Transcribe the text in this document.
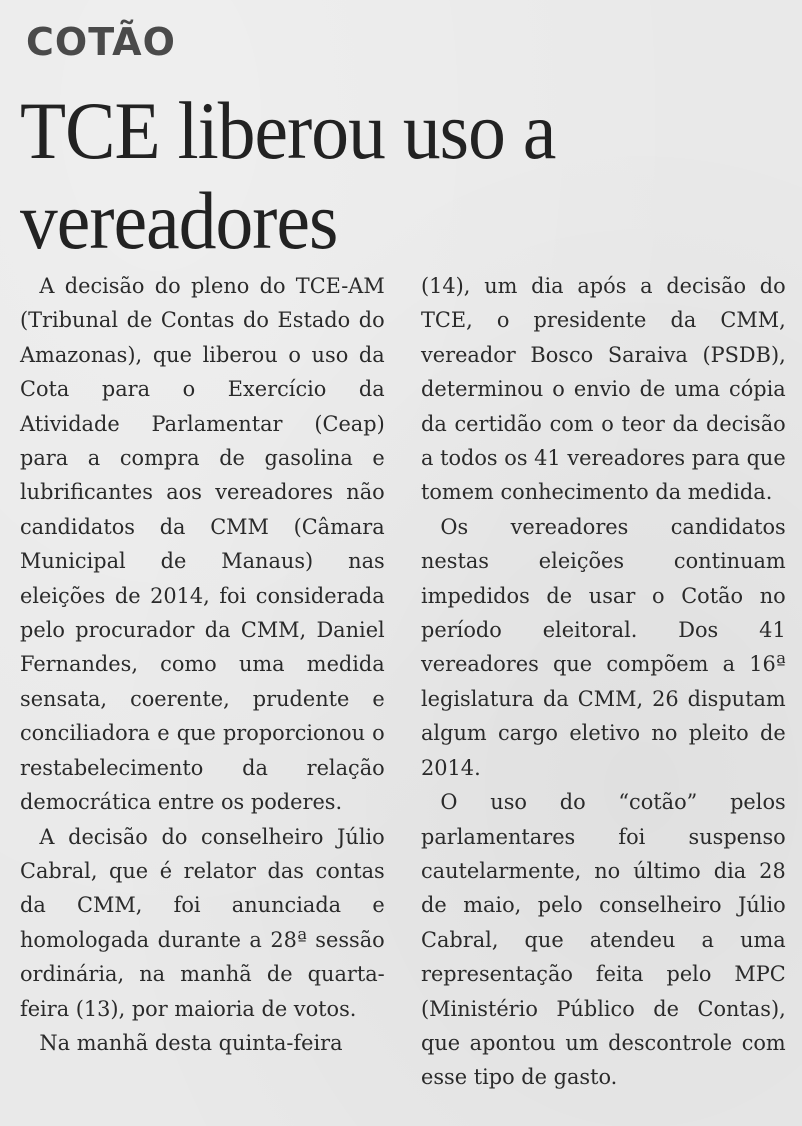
COTÃO
TCE liberou uso a vereadores

A decisão do pleno do TCE-AM (Tribunal de Contas do Estado do Amazonas), que liberou o uso da Cota para o Exercício da Atividade Parlamentar (Ceap) para a compra de gasolina e lubrificantes aos vereadores não candidatos da CMM (Câmara Municipal de Manaus) nas eleições de 2014, foi considerada pelo procurador da CMM, Daniel Fernandes, como uma medida sensata, coerente, prudente e conciliadora e que proporcionou o restabelecimento da relação democrática entre os poderes.

A decisão do conselheiro Júlio Cabral, que é relator das contas da CMM, foi anunciada e homologada durante a 28ª sessão ordinária, na manhã de quarta-feira (13), por maioria de votos.

Na manhã desta quinta-feira

(14), um dia após a decisão do TCE, o presidente da CMM, vereador Bosco Saraiva (PSDB), determinou o envio de uma cópia da certidão com o teor da decisão a todos os 41 vereadores para que tomem conhecimento da medida.

Os vereadores candidatos nestas eleições continuam impedidos de usar o Cotão no período eleitoral. Dos 41 vereadores que compõem a 16ª legislatura da CMM, 26 disputam algum cargo eletivo no pleito de 2014.

O uso do “cotão” pelos parlamentares foi suspenso cautelarmente, no último dia 28 de maio, pelo conselheiro Júlio Cabral, que atendeu a uma representação feita pelo MPC (Ministério Público de Contas), que apontou um descontrole com esse tipo de gasto.
